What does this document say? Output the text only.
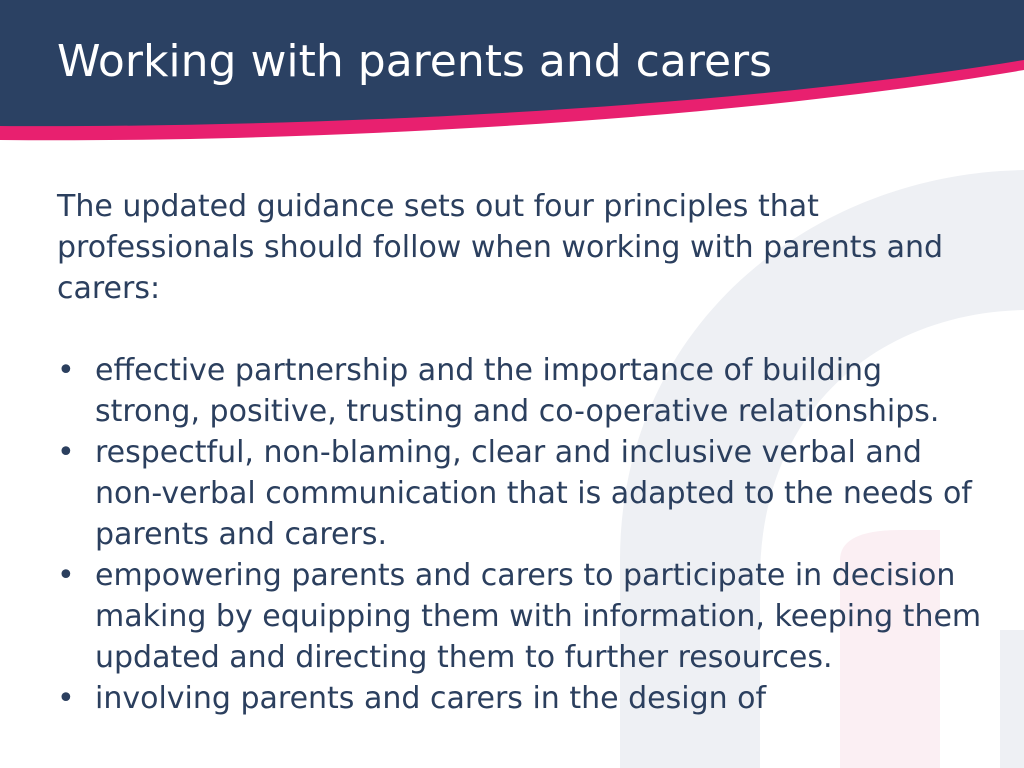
Working with parents and carers

The updated guidance sets out four principles that professionals should follow when working with parents and carers:

• effective partnership and the importance of building strong, positive, trusting and co-operative relationships.
• respectful, non-blaming, clear and inclusive verbal and non-verbal communication that is adapted to the needs of parents and carers.
• empowering parents and carers to participate in decision making by equipping them with information, keeping them updated and directing them to further resources.
• involving parents and carers in the design of
